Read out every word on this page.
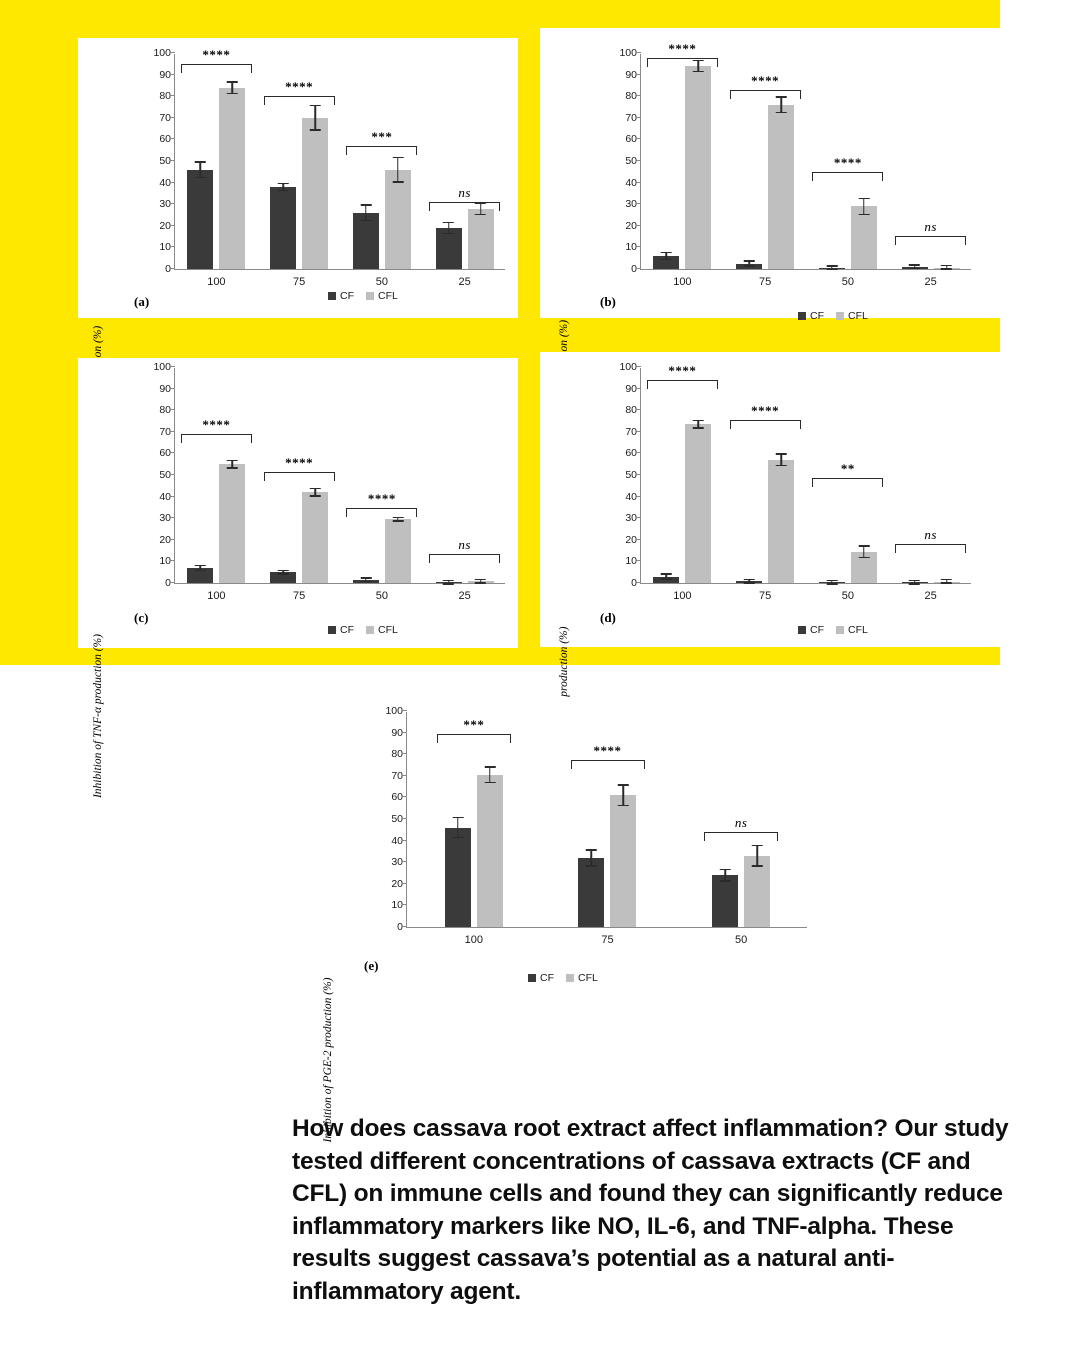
0
10
20
30
40
50
60
70
80
90
100
100	75	50	25
****
****
***
ns
(a)	CF CFL
0
10
20
30
40
50
60
70
80
90
100
100	75	50	25
****
****
****
ns
(b)
CF CFL
Inhibition of TNF-α production (%)
0
10
20
30
40
50
60
70
80
90
100
100	75	50	25
****
****
****
ns
(c)
CF CFL
0
10
20
30
40
50
60
70
80
90
100
100	75	50	25
****
****
**
ns
(d)
CF CFL
Inhibition of PGE-2 production (%)
0
10
20
30
40
50
60
70
80
90
100
100	75	50
***
****
ns
(e)
CF CFL
How does cassava root extract affect inflammation? Our study tested different concentrations of cassava extracts (CF and CFL) on immune cells and found they can significantly reduce inflammatory markers like NO, IL-6, and TNF-alpha. These results suggest cassava’s potential as a natural anti-inflammatory agent.
